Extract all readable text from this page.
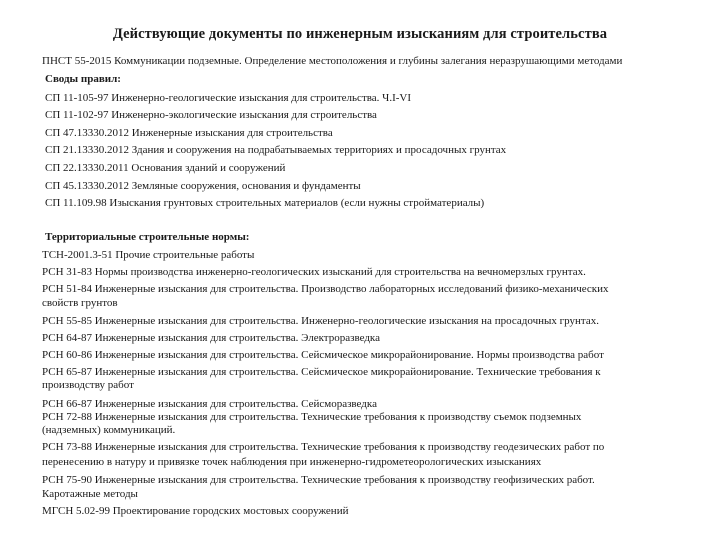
Действующие документы по инженерным изысканиям для строительства
ПНСТ 55-2015 Коммуникации подземные. Определение местоположения и глубины залегания неразрушающими методами
Своды правил:
СП 11-105-97 Инженерно-геологические изыскания для строительства. Ч.I-VI
СП 11-102-97 Инженерно-экологические изыскания для строительства
СП 47.13330.2012 Инженерные изыскания для строительства
СП 21.13330.2012 Здания и сооружения на подрабатываемых территориях и просадочных грунтах
СП 22.13330.2011 Основания зданий и сооружений
СП 45.13330.2012 Земляные сооружения, основания и фундаменты
СП 11.109.98 Изыскания грунтовых строительных материалов (если нужны стройматериалы)
Территориальные строительные нормы:
ТСН-2001.3-51 Прочие строительные работы
РСН 31-83 Нормы производства инженерно-геологических изысканий для строительства на вечномерзлых грунтах.
РСН 51-84 Инженерные изыскания для строительства. Производство лабораторных исследований физико-механических
свойств грунтов
РСН 55-85 Инженерные изыскания для строительства. Инженерно-геологические изыскания на просадочных грунтах.
РСН 64-87 Инженерные изыскания для строительства. Электроразведка
РСН 60-86 Инженерные изыскания для строительства. Сейсмическое микрорайонирование. Нормы производства работ
РСН 65-87 Инженерные изыскания для строительства. Сейсмическое микрорайонирование. Технические требования к
производству работ
РСН 66-87 Инженерные изыскания для строительства. Сейсморазведка
РСН 72-88 Инженерные изыскания для строительства. Технические требования к производству съемок подземных
(надземных) коммуникаций.
РСН 73-88 Инженерные изыскания для строительства. Технические требования к производству геодезических работ по
перенесению в натуру и привязке точек наблюдения при инженерно-гидрометеорологических изысканиях
РСН 75-90 Инженерные изыскания для строительства. Технические требования к производству геофизических работ.
Каротажные методы
МГСН 5.02-99 Проектирование городских мостовых сооружений
